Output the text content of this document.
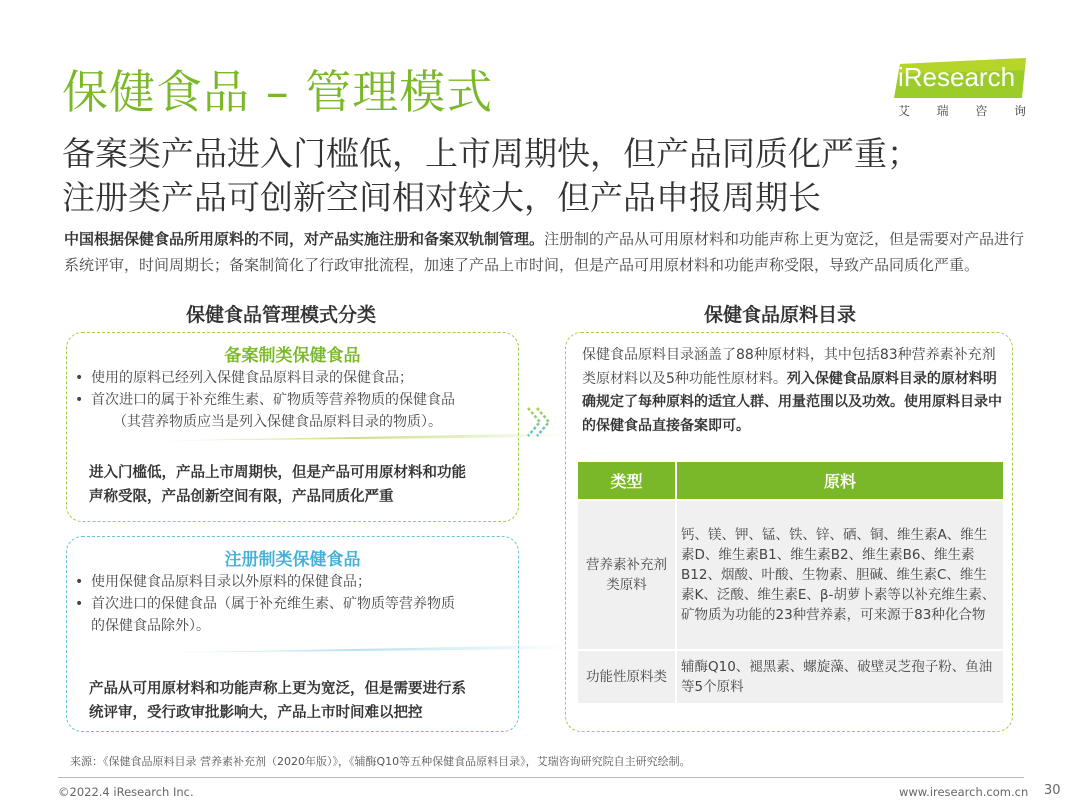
保健食品 – 管理模式	iResearch
艾 瑞 咨 询
备案类产品进入门槛低，上市周期快，但产品同质化严重；
注册类产品可创新空间相对较大，但产品申报周期长
中国根据保健食品所用原料的不同，对产品实施注册和备案双轨制管理。注册制的产品从可用原材料和功能声称上更为宽泛，但是需要对产品进行系统评审，时间周期长；备案制简化了行政审批流程，加速了产品上市时间，但是产品可用原材料和功能声称受限，导致产品同质化严重。
保健食品管理模式分类	保健食品原料目录
备案制类保健食品
• 使用的原料已经列入保健食品原料目录的保健食品；
• 首次进口的属于补充维生素、矿物质等营养物质的保健食品
（其营养物质应当是列入保健食品原料目录的物质）。
进入门槛低，产品上市周期快，但是产品可用原材料和功能
声称受限，产品创新空间有限，产品同质化严重
注册制类保健食品
• 使用保健食品原料目录以外原料的保健食品；
• 首次进口的保健食品（属于补充维生素、矿物质等营养物质
的保健食品除外）。
产品从可用原材料和功能声称上更为宽泛，但是需要进行系
统评审，受行政审批影响大，产品上市时间难以把控
保健食品原料目录涵盖了88种原材料，其中包括83种营养素补充剂类原材料以及5种功能性原材料。列入保健食品原料目录的原材料明确规定了每种原料的适宜人群、用量范围以及功效。使用原料目录中的保健食品直接备案即可。
类型	原料
营养素补充剂类原料	钙、镁、钾、锰、铁、锌、硒、铜、维生素A、维生素D、维生素B1、维生素B2、维生素B6、维生素B12、烟酸、叶酸、生物素、胆碱、维生素C、维生素K、泛酸、维生素E、β-胡萝卜素等以补充维生素、矿物质为功能的23种营养素，可来源于83种化合物
功能性原料类	辅酶Q10、褪黑素、螺旋藻、破壁灵芝孢子粉、鱼油等5个原料
来源：《保健食品原料目录 营养素补充剂（2020年版）》，《辅酶Q10等五种保健食品原料目录》，艾瑞咨询研究院自主研究绘制。
©2022.4 iResearch Inc.	www.iresearch.com.cn 30
